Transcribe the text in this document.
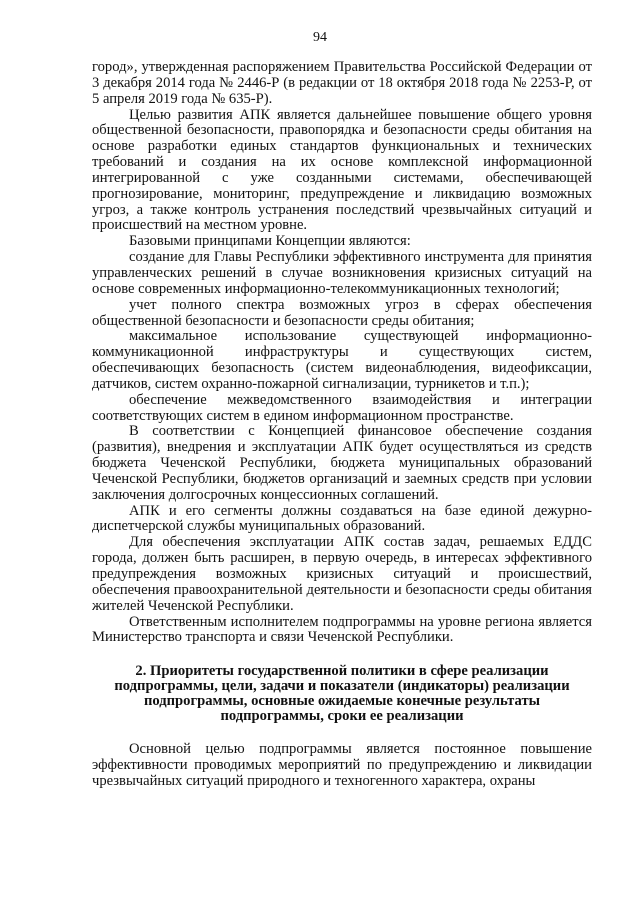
94

город», утвержденная распоряжением Правительства Российской Федерации от 3 декабря 2014 года № 2446-Р (в редакции от 18 октября 2018 года № 2253-Р, от 5 апреля 2019 года № 635-Р).

Целью развития АПК является дальнейшее повышение общего уровня общественной безопасности, правопорядка и безопасности среды обитания на основе разработки единых стандартов функциональных и технических требований и создания на их основе комплексной информационной интегрированной с уже созданными системами, обеспечивающей прогнозирование, мониторинг, предупреждение и ликвидацию возможных угроз, а также контроль устранения последствий чрезвычайных ситуаций и происшествий на местном уровне.

Базовыми принципами Концепции являются:

создание для Главы Республики эффективного инструмента для принятия управленческих решений в случае возникновения кризисных ситуаций на основе современных информационно-телекоммуникационных технологий;

учет полного спектра возможных угроз в сферах обеспечения общественной безопасности и безопасности среды обитания;

максимальное использование существующей информационно-коммуникационной инфраструктуры и существующих систем, обеспечивающих безопасность (систем видеонаблюдения, видеофиксации, датчиков, систем охранно-пожарной сигнализации, турникетов и т.п.);

обеспечение межведомственного взаимодействия и интеграции соответствующих систем в едином информационном пространстве.

В соответствии с Концепцией финансовое обеспечение создания (развития), внедрения и эксплуатации АПК будет осуществляться из средств бюджета Чеченской Республики, бюджета муниципальных образований Чеченской Республики, бюджетов организаций и заемных средств при условии заключения долгосрочных концессионных соглашений.

АПК и его сегменты должны создаваться на базе единой дежурно-диспетчерской службы муниципальных образований.

Для обеспечения эксплуатации АПК состав задач, решаемых ЕДДС города, должен быть расширен, в первую очередь, в интересах эффективного предупреждения возможных кризисных ситуаций и происшествий, обеспечения правоохранительной деятельности и безопасности среды обитания жителей Чеченской Республики.

Ответственным исполнителем подпрограммы на уровне региона является Министерство транспорта и связи Чеченской Республики.

2. Приоритеты государственной политики в сфере реализации
подпрограммы, цели, задачи и показатели (индикаторы) реализации
подпрограммы, основные ожидаемые конечные результаты
подпрограммы, сроки ее реализации

Основной целью подпрограммы является постоянное повышение эффективности проводимых мероприятий по предупреждению и ликвидации чрезвычайных ситуаций природного и техногенного характера, охраны
